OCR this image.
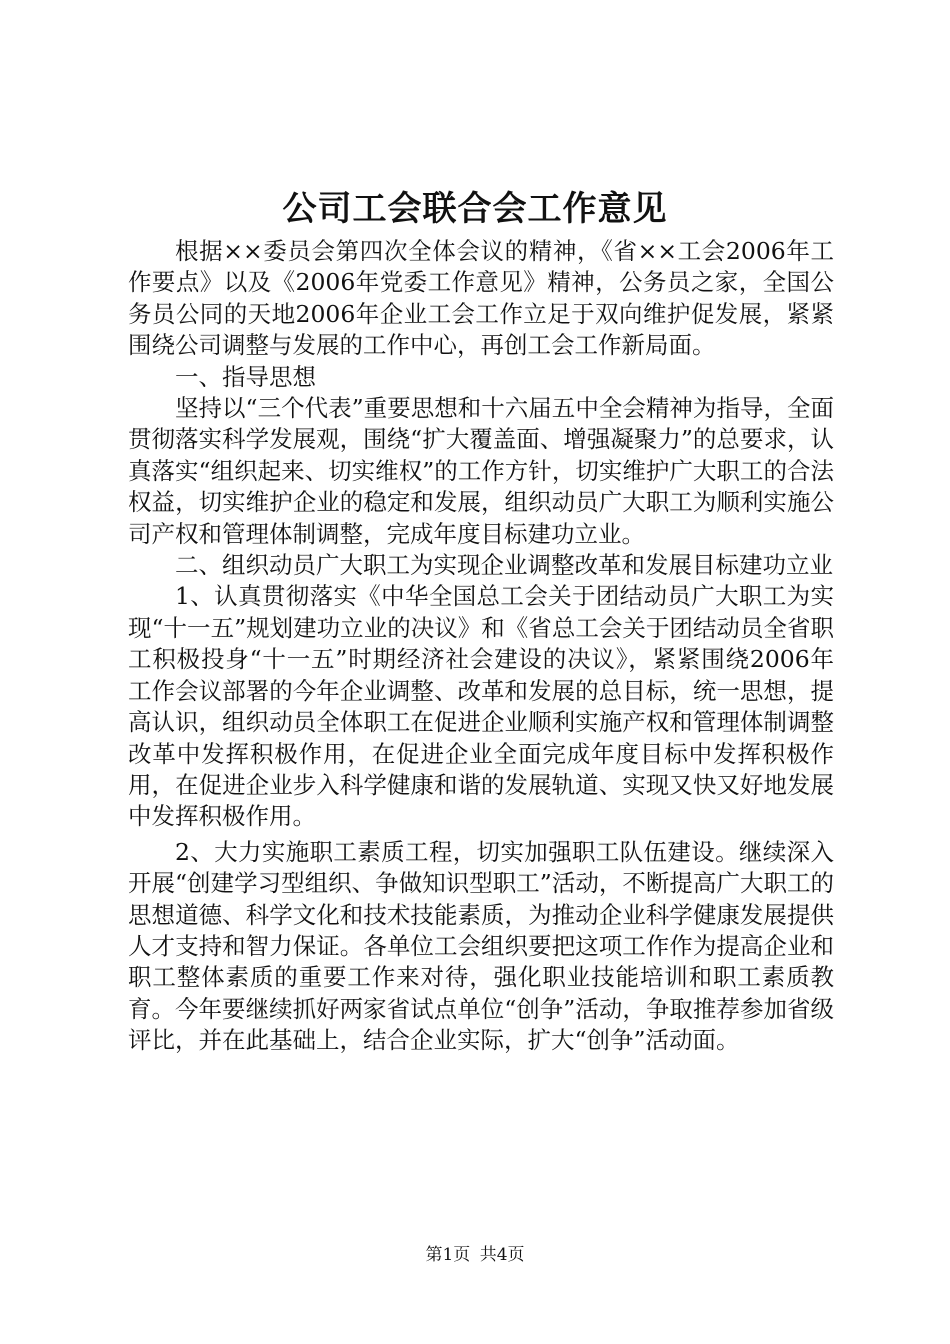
公司工会联合会工作意见

根据××委员会第四次全体会议的精神，《省××工会2006年工作要点》以及《2006年党委工作意见》精神，公务员之家，全国公务员公同的天地2006年企业工会工作立足于双向维护促发展，紧紧围绕公司调整与发展的工作中心，再创工会工作新局面。

一、指导思想

坚持以“三个代表”重要思想和十六届五中全会精神为指导，全面贯彻落实科学发展观，围绕“扩大覆盖面、增强凝聚力”的总要求，认真落实“组织起来、切实维权”的工作方针，切实维护广大职工的合法权益，切实维护企业的稳定和发展，组织动员广大职工为顺利实施公司产权和管理体制调整，完成年度目标建功立业。

二、组织动员广大职工为实现企业调整改革和发展目标建功立业

1、认真贯彻落实《中华全国总工会关于团结动员广大职工为实现“十一五”规划建功立业的决议》和《省总工会关于团结动员全省职工积极投身“十一五”时期经济社会建设的决议》，紧紧围绕2006年工作会议部署的今年企业调整、改革和发展的总目标，统一思想，提高认识，组织动员全体职工在促进企业顺利实施产权和管理体制调整改革中发挥积极作用，在促进企业全面完成年度目标中发挥积极作用，在促进企业步入科学健康和谐的发展轨道、实现又快又好地发展中发挥积极作用。

2、大力实施职工素质工程，切实加强职工队伍建设。继续深入开展“创建学习型组织、争做知识型职工”活动，不断提高广大职工的思想道德、科学文化和技术技能素质，为推动企业科学健康发展提供人才支持和智力保证。各单位工会组织要把这项工作作为提高企业和职工整体素质的重要工作来对待，强化职业技能培训和职工素质教育。今年要继续抓好两家省试点单位“创争”活动，争取推荐参加省级评比，并在此基础上，结合企业实际，扩大“创争”活动面。

第1页 共4页
